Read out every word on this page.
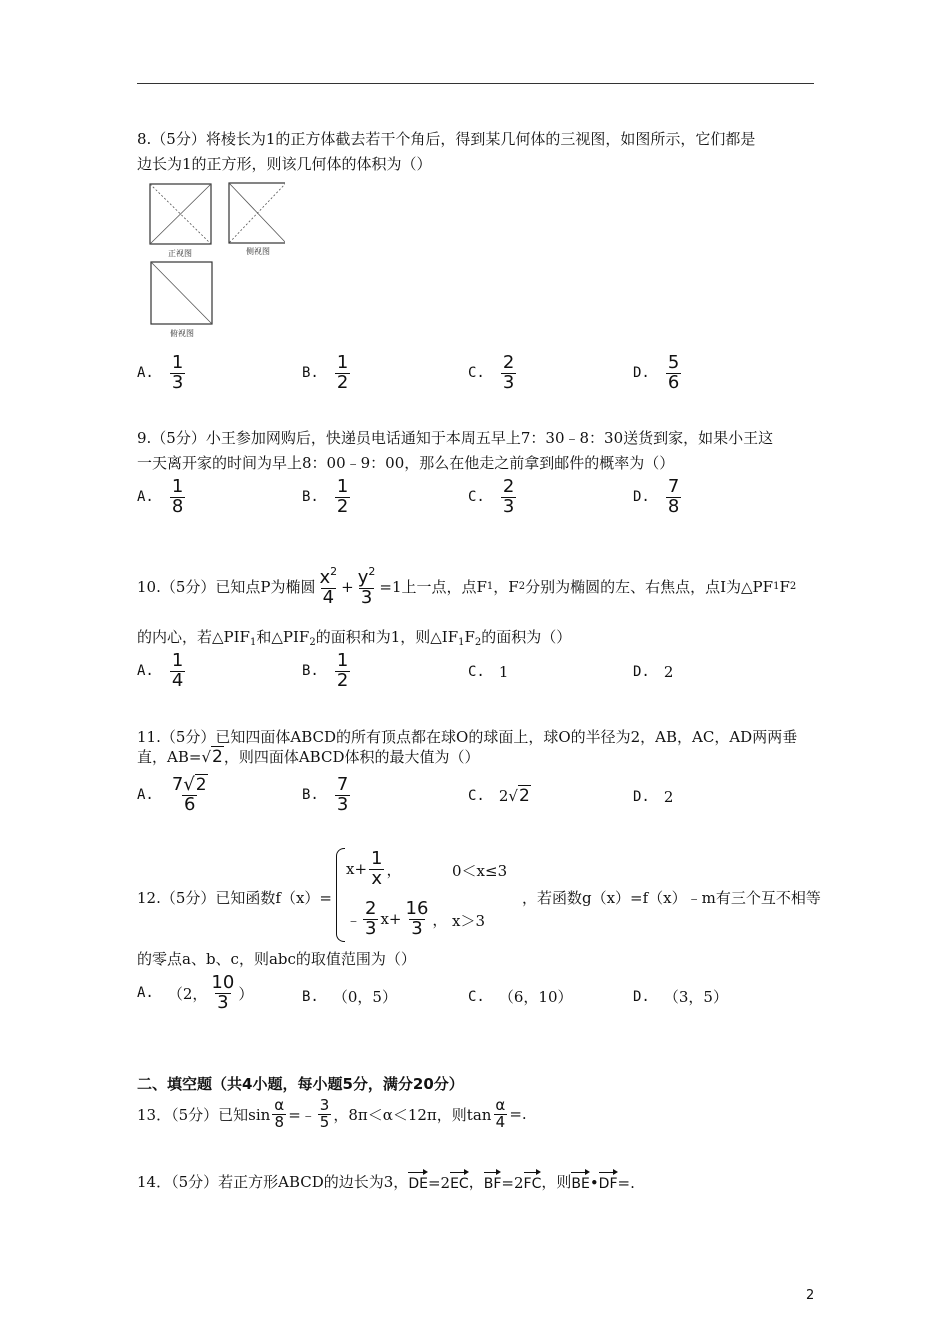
8.（5分）将棱长为1的正方体截去若干个角后，得到某几何体的三视图，如图所示，它们都是
边长为1的正方形，则该几何体的体积为（）
正视图	侧视图
俯视图
A. $\frac{1}{3}$	B. $\frac{1}{2}$	C. $\frac{2}{3}$	D. $\frac{5}{6}$
9.（5分）小王参加网购后，快递员电话通知于本周五早上7：30﹣8：30送货到家，如果小王这
一天离开家的时间为早上8：00﹣9：00，那么在他走之前拿到邮件的概率为（）
A. $\frac{1}{8}$	B. $\frac{1}{2}$	C. $\frac{2}{3}$	D. $\frac{7}{8}$
10.（5分）已知点P为椭圆 $\frac{x^2}{4} + \frac{y^2}{3} =1$上一点，点F 1 ，F 2 分别为椭圆的左、右焦点，点I为△PF 1 F 2
的内心，若$\triangle PIF_1$和$\triangle PIF_2$的面积和为1，则$\triangle IF_1F_2$的面积为（）
A. $\frac{1}{4}$	B. $\frac{1}{2}$	C. 1	D. 2
11.（5分）已知四面体ABCD的所有顶点都在球O的球面上，球O的半径为2，AB，AC，AD两两垂
直，AB= √2 ，则四面体ABCD体积的最大值为（）
A. $\frac{7√2}{6}$	B. $\frac{7}{3}$	C. 2 √2	D. 2
12.（5分）已知函数f（x）=
$x+ \frac{1}{x}$ ，	0＜x≤3
﹣ $\frac{2}{3} x+ \frac{16}{3}$ ， x＞3
，若函数g（x）=f（x）﹣m有三个互不相等
的零点a、b、c，则abc的取值范围为（）
A. （2， $\frac{10}{3}$ ）	B. （0，5）	C. （6，10）	D. （3，5）
二、填空题（共4小题，每小题5分，满分20分）
13．（5分）已知$\sin \frac{\alpha}{8}$ =﹣ $\frac{3}{5}$ ，8π＜α＜12π，则$\tan \frac{\alpha}{4}$ =.
14．（5分）若正方形ABCD的边长为3， DE =2 EC ， BF =2 FC ，则 BE • DF =.
2
